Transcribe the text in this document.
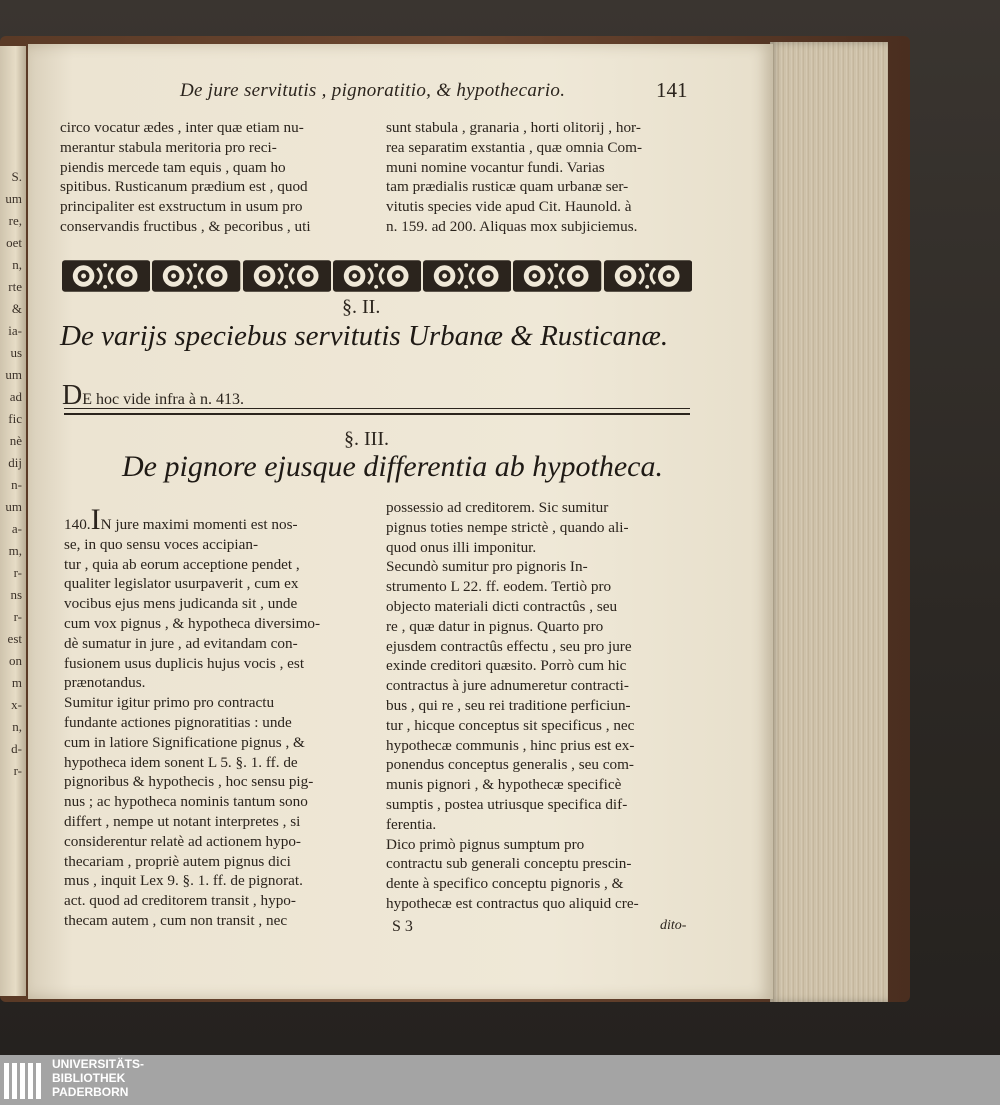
S.
um
re,
oet
n,
rte
&
ia-
us
um
ad
fic
nè
dij
n-
um
a-
m,
r-
ns
r-
est
on
m
x-
n,
d-
r-
De jure servitutis , pignoratitio, & hypothecario.	141
circo vocatur ædes , inter quæ etiam nu-
merantur stabula meritoria pro reci-
piendis mercede tam equis , quam ho
spitibus. Rusticanum prædium est , quod
principaliter est exstructum in usum pro
conservandis fructibus , & pecoribus , uti
sunt stabula , granaria , horti olitorij , hor-
rea separatim exstantia , quæ omnia Com-
muni nomine vocantur fundi. Varias
tam prædialis rusticæ quam urbanæ ser-
vitutis species vide apud Cit. Haunold. à
n. 159. ad 200. Aliquas mox subjiciemus.
§. II.
De varijs speciebus servitutis Urbanæ & Rusticanæ.
DE hoc vide infra à n. 413.
§. III.
De pignore ejusque differentia ab hypotheca.
140.IN jure maximi momenti est nos-
se, in quo sensu voces accipian-
tur , quia ab eorum acceptione pendet ,
qualiter legislator usurpaverit , cum ex
vocibus ejus mens judicanda sit , unde
cum vox pignus , & hypotheca diversimo-
dè sumatur in jure , ad evitandam con-
fusionem usus duplicis hujus vocis , est
prænotandus.
Sumitur igitur primo pro contractu
fundante actiones pignoratitias : unde
cum in latiore Significatione pignus , &
hypotheca idem sonent L 5. §. 1. ff. de
pignoribus & hypothecis , hoc sensu pig-
nus ; ac hypotheca nominis tantum sono
differt , nempe ut notant interpretes , si
considerentur relatè ad actionem hypo-
thecariam , propriè autem pignus dici
mus , inquit Lex 9. §. 1. ff. de pignorat.
act. quod ad creditorem transit , hypo-
thecam autem , cum non transit , nec
possessio ad creditorem. Sic sumitur
pignus toties nempe strictè , quando ali-
quod onus illi imponitur.
Secundò sumitur pro pignoris In-
strumento L 22. ff. eodem. Tertiò pro
objecto materiali dicti contractûs , seu
re , quæ datur in pignus. Quarto pro
ejusdem contractûs effectu , seu pro jure
exinde creditori quæsito. Porrò cum hic
contractus à jure adnumeretur contracti-
bus , qui re , seu rei traditione perficiun-
tur , hicque conceptus sit specificus , nec
hypothecæ communis , hinc prius est ex-
ponendus conceptus generalis , seu com-
munis pignori , & hypothecæ specificè
sumptis , postea utriusque specifica dif-
ferentia.
Dico primò pignus sumptum pro
contractu sub generali conceptu prescin-
dente à specifico conceptu pignoris , &
hypothecæ est contractus quo aliquid cre-
S 3	dito-
UNIVERSITÄTS-
BIBLIOTHEK
PADERBORN
